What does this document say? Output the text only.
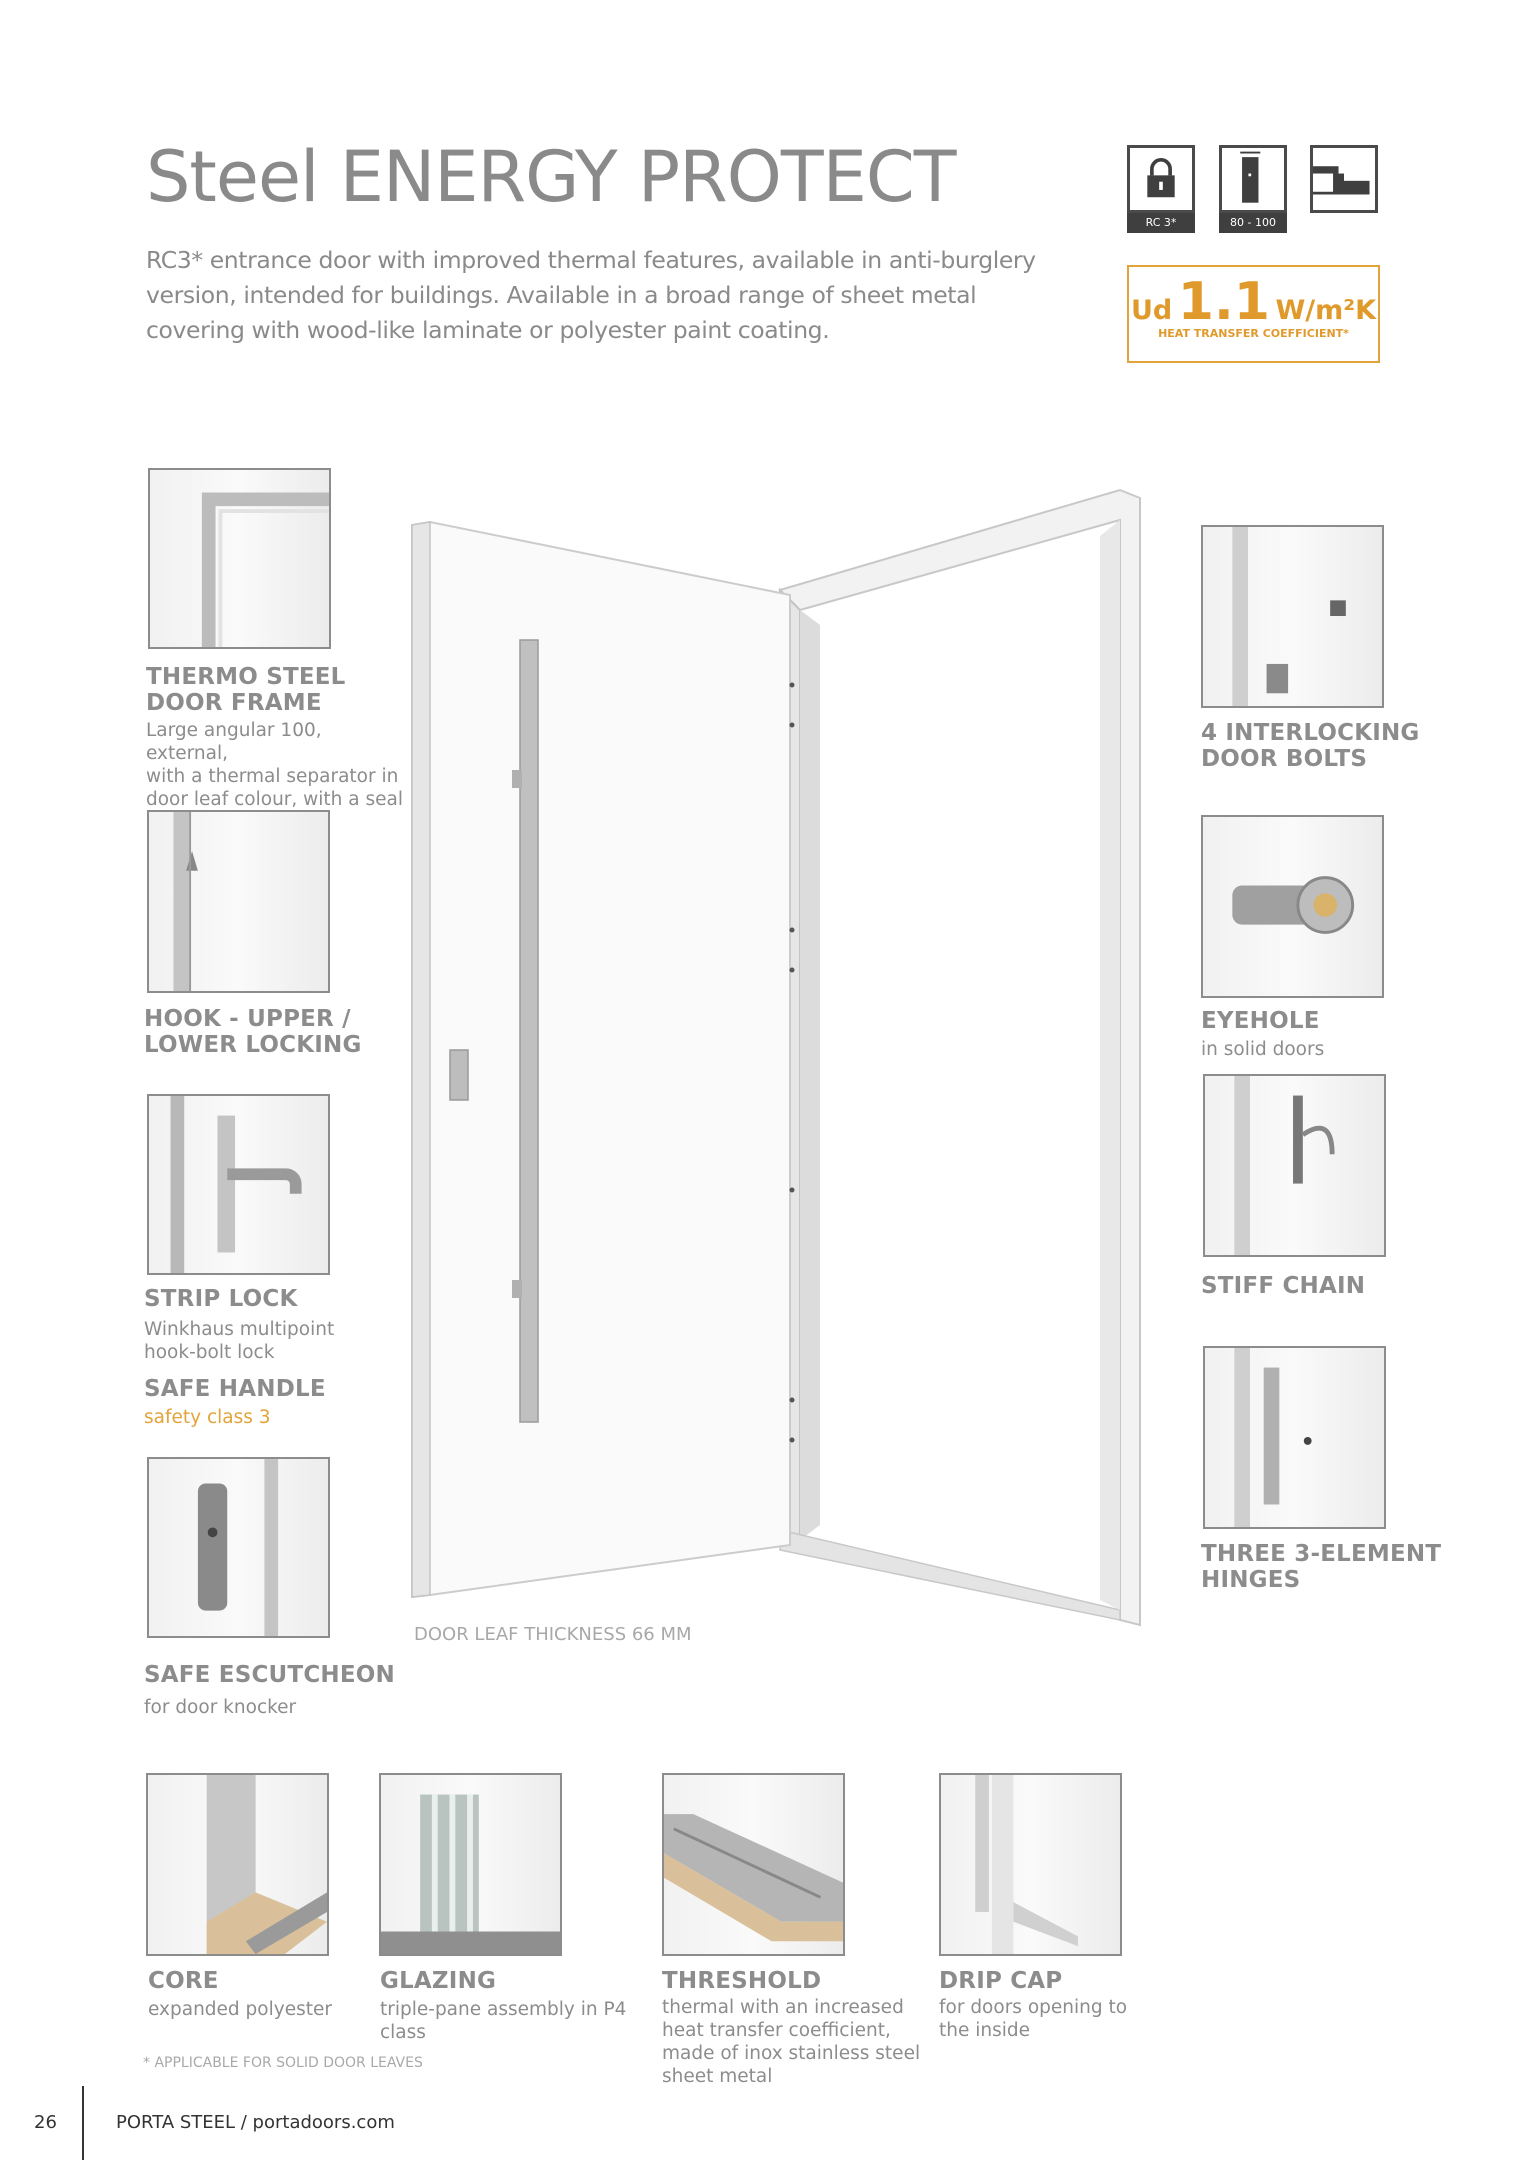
Steel ENERGY PROTECT

RC3* entrance door with improved thermal features, available in anti-burglery version, intended for buildings. Available in a broad range of sheet metal covering with wood-like laminate or polyester paint coating.

RC 3*	80 - 100
Ud 1.1 W/m²K
HEAT TRANSFER COEFFICIENT*
DOOR LEAF THICKNESS 66 MM
THERMO STEEL
DOOR FRAME
Large angular 100, external,
with a thermal separator in
door leaf colour, with a seal
HOOK - UPPER /
LOWER LOCKING
STRIP LOCK
Winkhaus multipoint
hook-bolt lock
SAFE HANDLE
safety class 3
SAFE ESCUTCHEON
for door knocker
4 INTERLOCKING
DOOR BOLTS
EYEHOLE
in solid doors
STIFF CHAIN
THREE 3-ELEMENT
HINGES
CORE
expanded polyester
GLAZING
triple-pane assembly in P4 class
THRESHOLD
thermal with an increased
heat transfer coefficient,
made of inox stainless steel
sheet metal
DRIP CAP
for doors opening to
the inside
* APPLICABLE FOR SOLID DOOR LEAVES
26	PORTA STEEL / portadoors.com
